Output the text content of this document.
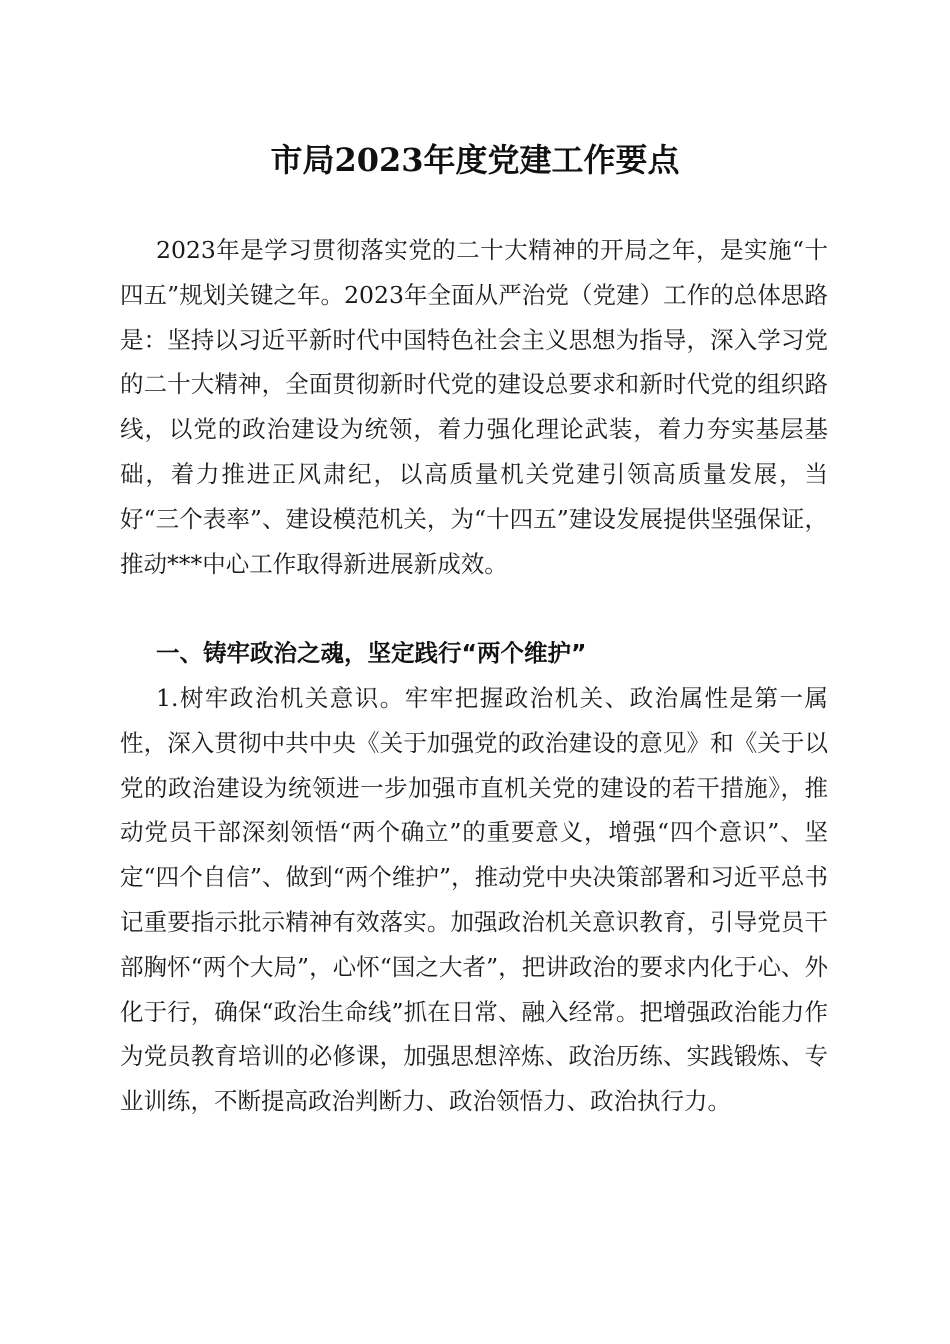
市局2023年度党建工作要点

2023年是学习贯彻落实党的二十大精神的开局之年，是实施“十四五”规划关键之年。2023年全面从严治党（党建）工作的总体思路是：坚持以习近平新时代中国特色社会主义思想为指导，深入学习党的二十大精神，全面贯彻新时代党的建设总要求和新时代党的组织路线，以党的政治建设为统领，着力强化理论武装，着力夯实基层基础，着力推进正风肃纪，以高质量机关党建引领高质量发展，当好“三个表率”、建设模范机关，为“十四五”建设发展提供坚强保证，推动***中心工作取得新进展新成效。

一、铸牢政治之魂，坚定践行“两个维护”

1.树牢政治机关意识。牢牢把握政治机关、政治属性是第一属性，深入贯彻中共中央《关于加强党的政治建设的意见》和《关于以党的政治建设为统领进一步加强市直机关党的建设的若干措施》，推动党员干部深刻领悟“两个确立”的重要意义，增强“四个意识”、坚定“四个自信”、做到“两个维护”，推动党中央决策部署和习近平总书记重要指示批示精神有效落实。加强政治机关意识教育，引导党员干部胸怀“两个大局”，心怀“国之大者”，把讲政治的要求内化于心、外化于行，确保“政治生命线”抓在日常、融入经常。把增强政治能力作为党员教育培训的必修课，加强思想淬炼、政治历练、实践锻炼、专业训练，不断提高政治判断力、政治领悟力、政治执行力。
